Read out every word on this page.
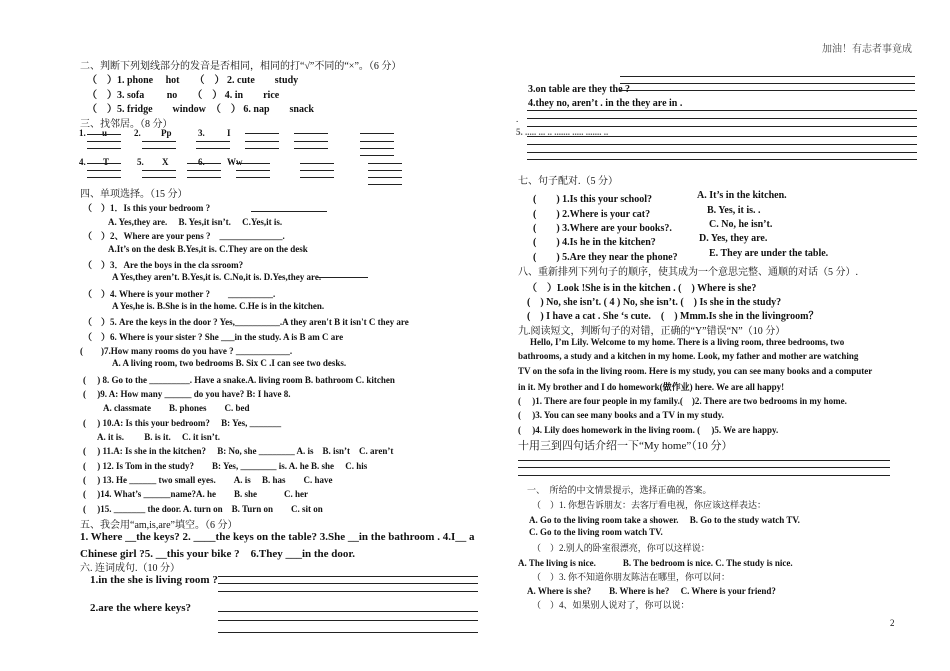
加油！有志者事竟成
2
二、判断下列划线部分的发音是否相同，相同的打“√”不同的“×”。（6 分）
（　）1. phone　 hot　　（　） 2. cute　　study
（　）3. sofa　　 no　　（　） 4. in　　rice
（　）5. fridge　　window　（　） 6. nap　　snack
三、找邻居。（8 分）
1. u	2. Pp	3. I
4. T	5. X	6. Ww
四、单项选择。（15 分）
（　）1．Is this your bedroom ?
A. Yes,they are.　 B. Yes,it isn’t.　 C.Yes,it is.
（　）2、Where are your pens ?　______________.
A.It’s on the desk B.Yes,it is. C.They are on the desk
（　）3．Are the boys in the cla ssroom?
A Yes,they aren’t. B.Yes,it is. C.No,it is. D.Yes,they are.
（　）4. Where is your mother ?　　__________.
A Yes,he is. B.She is in the home. C.He is in the kitchen.
（　）5. Are the keys in the door ? Yes,__________.A they aren't B it isn't C they are
（　）6. Where is your sister ? She ___in the study. A is B am C are
(　　)7.How many rooms do you have ? ____________.
A. A living room, two bedrooms B. Six C .I can see two desks.
(　 ) 8. Go to the _________. Have a snake.A. living room B. bathroom C. kitchen
(　 )9. A: How many ______ do you have? B: I have 8.
A. classmate　　B. phones　　C. bed
(　 ) 10.A: Is this your bedroom?　 B: Yes, _______
A. it is.　　 B. is it.　 C. it isn’t.
(　 ) 11.A: Is she in the kitchen?　 B: No, she ________ A. is　B. isn’t　C. aren’t
(　 ) 12. Is Tom in the study?　　B: Yes, ________ is. A. he B. she　 C. his
(　 ) 13. He ______ two small eyes.　　A. is　 B. has　　C. have
(　 )14. What’s ______name?A. he　　B. she　　　C. her
(　 )15. _______ the door. A. turn on　B. Turn on　　C. sit on
五、我会用“am,is,are”填空。（6 分）
1. Where __the keys? 2. ____the keys on the table? 3.She __in the bathroom . 4.I__ a
Chinese girl ?5. __this your bike ?　6.They ___in the door.
六. 连词成句.（10 分）
1.in the she is living room ?
2.are the where keys?
3.on table are they the ?
4.they no, aren’t . in the they are in .
.
5. ..... ... .. ....... ..... ....... ..
七、句子配对.（5 分）
(　　) 1.Is this your school?	A. It’s in the kitchen.
(　　) 2.Where is your cat?	B. Yes, it is. .
(　　) 3.Where are your books?.	C. No, he isn’t.
(　　) 4.Is he in the kitchen?	D. Yes, they are.
(　　) 5.Are they near the phone?	E. They are under the table.
八、重新排列下列句子的顺序，使其成为一个意思完整、通顺的对话（5 分）.
（　）Look !She is in the kitchen . (　) Where is she?
(　) No, she isn’t. ( 4 ) No, she isn’t. (　) Is she in the study?
(　) I have a cat . She ‘s cute.　(　) Mmm.Is she in the livingroom？
九.阅读短文，判断句子的对错，正确的“Y”错误“N”（10 分）
Hello, I’m Lily. Welcome to my home. There is a living room, three bedrooms, two
bathrooms, a study and a kitchen in my home. Look, my father and mother are watching
TV on the sofa in the living room. Here is my study, you can see many books and a computer
in it. My brother and I do homework(做作业) here. We are all happy!
(　 )1. There are four people in my family.(　)2. There are two bedrooms in my home.
(　 )3. You can see many books and a TV in my study.
(　 )4. Lily does homework in the living room. (　 )5. We are happy.
十用三到四句话介绍一下“My home”（10 分）
一、　所给的中文情景提示，选择正确的答案。
（　）1. 你想告诉朋友：去客厅看电视，你应该这样表达：
A. Go to the living room take a shower.　 B. Go to the study watch TV.
C. Go to the living room watch TV.
（　）2.别人的卧室很漂亮，你可以这样说：
A. The living is nice.　　　B. The bedroom is nice. C. The study is nice.
（　）3. 你不知道你朋友陈洁在哪里，你可以问：
A. Where is she?　　B. Where is he?　 C. Where is your friend?
（　）4、如果别人说对了，你可以说：
